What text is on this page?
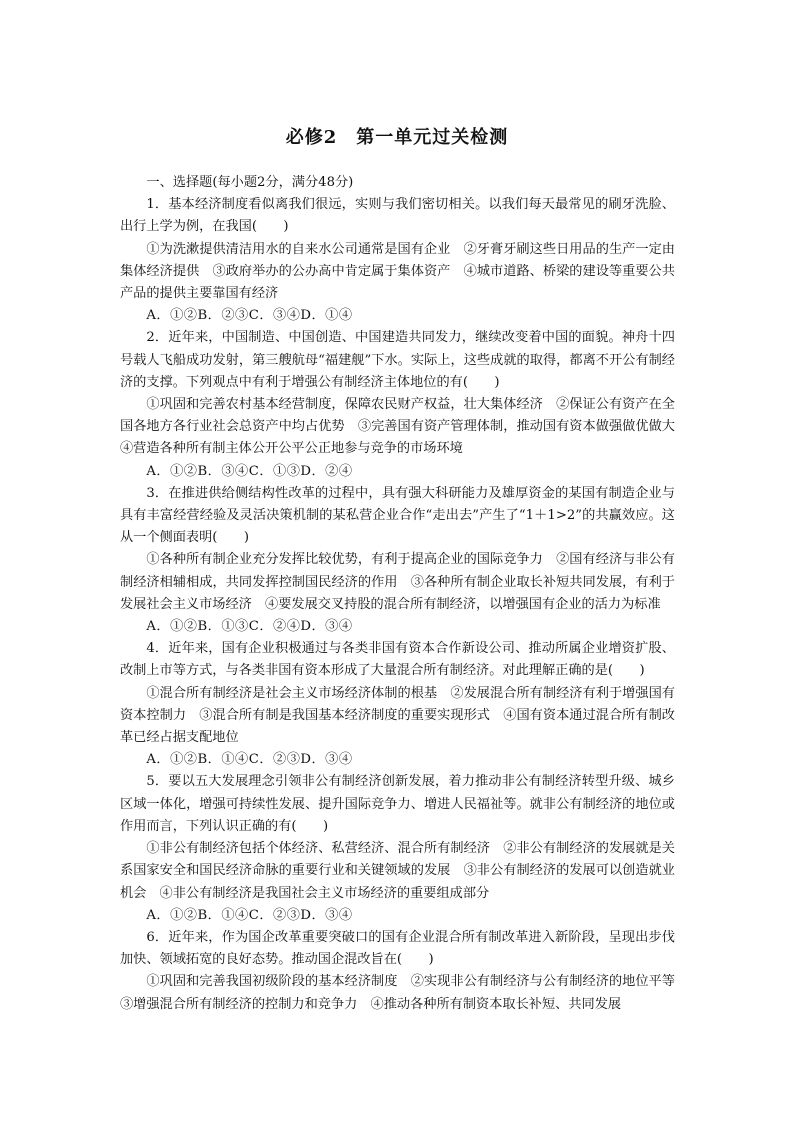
必修2　第一单元过关检测

一、选择题(每小题2分，满分48分)

1．基本经济制度看似离我们很远，实则与我们密切相关。以我们每天最常见的刷牙洗脸、出行上学为例，在我国(　　)

①为洗漱提供清洁用水的自来水公司通常是国有企业　②牙膏牙刷这些日用品的生产一定由集体经济提供　③政府举办的公办高中肯定属于集体资产　④城市道路、桥梁的建设等重要公共产品的提供主要靠国有经济

A．①②B．②③C．③④D．①④

2．近年来，中国制造、中国创造、中国建造共同发力，继续改变着中国的面貌。神舟十四号载人飞船成功发射，第三艘航母“福建舰”下水。实际上，这些成就的取得，都离不开公有制经济的支撑。下列观点中有利于增强公有制经济主体地位的有(　　)

①巩固和完善农村基本经营制度，保障农民财产权益，壮大集体经济　②保证公有资产在全国各地方各行业社会总资产中均占优势　③完善国有资产管理体制，推动国有资本做强做优做大　④营造各种所有制主体公开公平公正地参与竞争的市场环境

A．①②B．③④C．①③D．②④

3．在推进供给侧结构性改革的过程中，具有强大科研能力及雄厚资金的某国有制造企业与具有丰富经营经验及灵活决策机制的某私营企业合作“走出去”产生了“1＋1>2”的共赢效应。这从一个侧面表明(　　)

①各种所有制企业充分发挥比较优势，有利于提高企业的国际竞争力　②国有经济与非公有制经济相辅相成，共同发挥控制国民经济的作用　③各种所有制企业取长补短共同发展，有利于发展社会主义市场经济　④要发展交叉持股的混合所有制经济，以增强国有企业的活力为标准

A．①②B．①③C．②④D．③④

4．近年来，国有企业积极通过与各类非国有资本合作新设公司、推动所属企业增资扩股、改制上市等方式，与各类非国有资本形成了大量混合所有制经济。对此理解正确的是(　　)

①混合所有制经济是社会主义市场经济体制的根基　②发展混合所有制经济有利于增强国有资本控制力　③混合所有制是我国基本经济制度的重要实现形式　④国有资本通过混合所有制改革已经占据支配地位

A．①②B．①④C．②③D．③④

5．要以五大发展理念引领非公有制经济创新发展，着力推动非公有制经济转型升级、城乡区域一体化，增强可持续性发展、提升国际竞争力、增进人民福祉等。就非公有制经济的地位或作用而言，下列认识正确的有(　　)

①非公有制经济包括个体经济、私营经济、混合所有制经济　②非公有制经济的发展就是关系国家安全和国民经济命脉的重要行业和关键领域的发展　③非公有制经济的发展可以创造就业机会　④非公有制经济是我国社会主义市场经济的重要组成部分

A．①②B．①④C．②③D．③④

6．近年来，作为国企改革重要突破口的国有企业混合所有制改革进入新阶段，呈现出步伐加快、领域拓宽的良好态势。推动国企混改旨在(　　)

①巩固和完善我国初级阶段的基本经济制度　②实现非公有制经济与公有制经济的地位平等　③增强混合所有制经济的控制力和竞争力　④推动各种所有制资本取长补短、共同发展
